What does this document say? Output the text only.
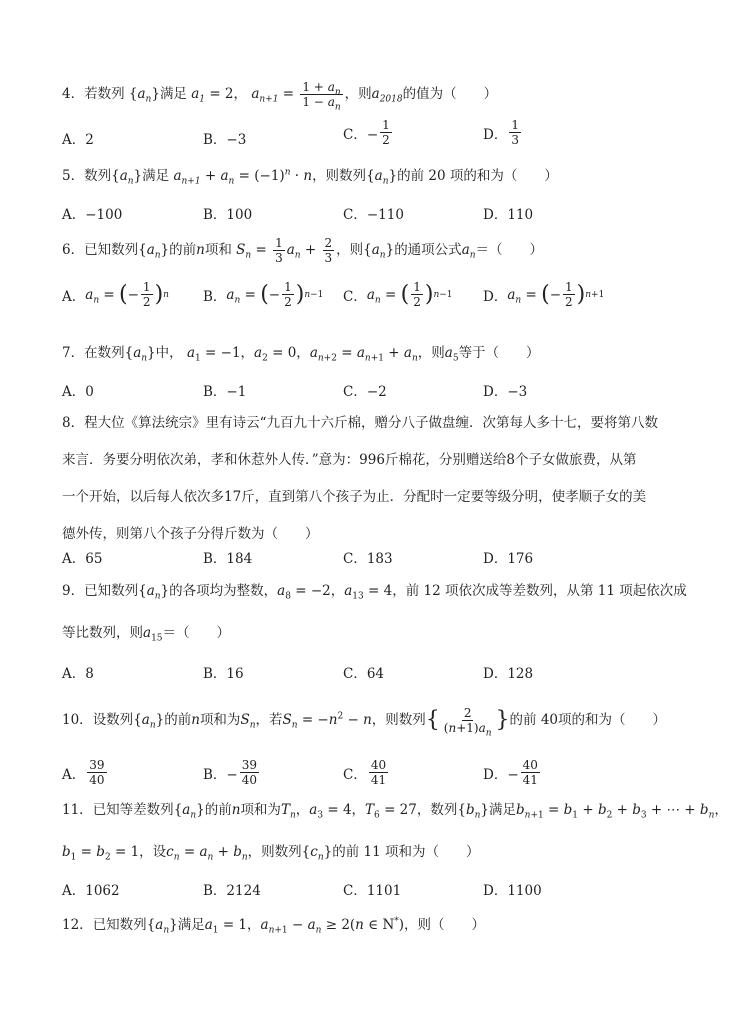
4．若数列 $\{a_n\}$满足 $a_1 = 2$， $a_{n+1} = \frac{1 + a_n}{1 - a_n}$ ，则$a_{2018}$的值为（　　）
A．2	B．−3	C．− $\frac{1}{2}$	D． $\frac{1}{3}$
5．数列$\{a_n\}$满足 $a_{n+1} + a_n = (-1)^n \cdot n$，则数列$\{a_n\}$的前 20 项的和为（　　）
A．−100	B．100	C．−110	D．110
6．已知数列$\{a_n\}$的前n项和 $S_n = \frac{1}{3} a_n + \frac{2}{3}$ ，则$\{a_n\}$的通项公式$a_n=$（　　）
A． $a_n$ = ( − $\frac{1}{2}$ ) n	B． $a_n$ = ( − $\frac{1}{2}$ ) n−1 C． $a_n$ = ( $\frac{1}{2}$ ) n−1 D． $a_n$ = ( − $\frac{1}{2}$ ) n+1
7．在数列$\{a_n\}$中， $a_1 = -1$，$a_2 = 0$，$a_{n+2} = a_{n+1} + a_n$，则$a_5$等于（　　）
A．0	B．−1	C．−2	D．−3
8．程大位《算法统宗》里有诗云“九百九十六斤棉，赠分八子做盘缠．次第每人多十七，要将第八数
来言．务要分明依次弟，孝和休惹外人传．”意为：996斤棉花，分别赠送给8个子女做旅费，从第
一个开始，以后每人依次多17斤，直到第八个孩子为止．分配时一定要等级分明，使孝顺子女的美
德外传，则第八个孩子分得斤数为（　　）
A．65	B．184	C．183	D．176
9．已知数列$\{a_n\}$的各项均为整数，$a_8 = -2$，$a_{13} = 4$，前 12 项依次成等差数列，从第 11 项起依次成
等比数列，则$a_{15}=$（　　）
A．8	B．16	C．64	D．128
10．设数列$\{a_n\}$的前n项和为$S_n$，若$S_n = -n^2 - n$，则数列{ $\frac{2}{(n+1)a_n}$ }的前 40项的和为（　　）
A． $\frac{39}{40}$	B．− $\frac{39}{40}$	C． $\frac{40}{41}$	D．− $\frac{40}{41}$
11．已知等差数列$\{a_n\}$的前n项和为$T_n$，$a_3 = 4$，$T_6 = 27$，数列$\{b_n\}$满足$b_{n+1} = b_1 + b_2 + b_3$ + ⋯ + $b_n$，
$b_1 = b_2 = 1$，设$c_n = a_n + b_n$，则数列$\{c_n\}$的前 11 项和为（　　）
A．1062	B．2124	C．1101	D．1100
12．已知数列$\{a_n\}$满足$a_1 = 1$，$a_{n+1} - a_n \ge 2(n$ ∈ N*)，则（　　）
